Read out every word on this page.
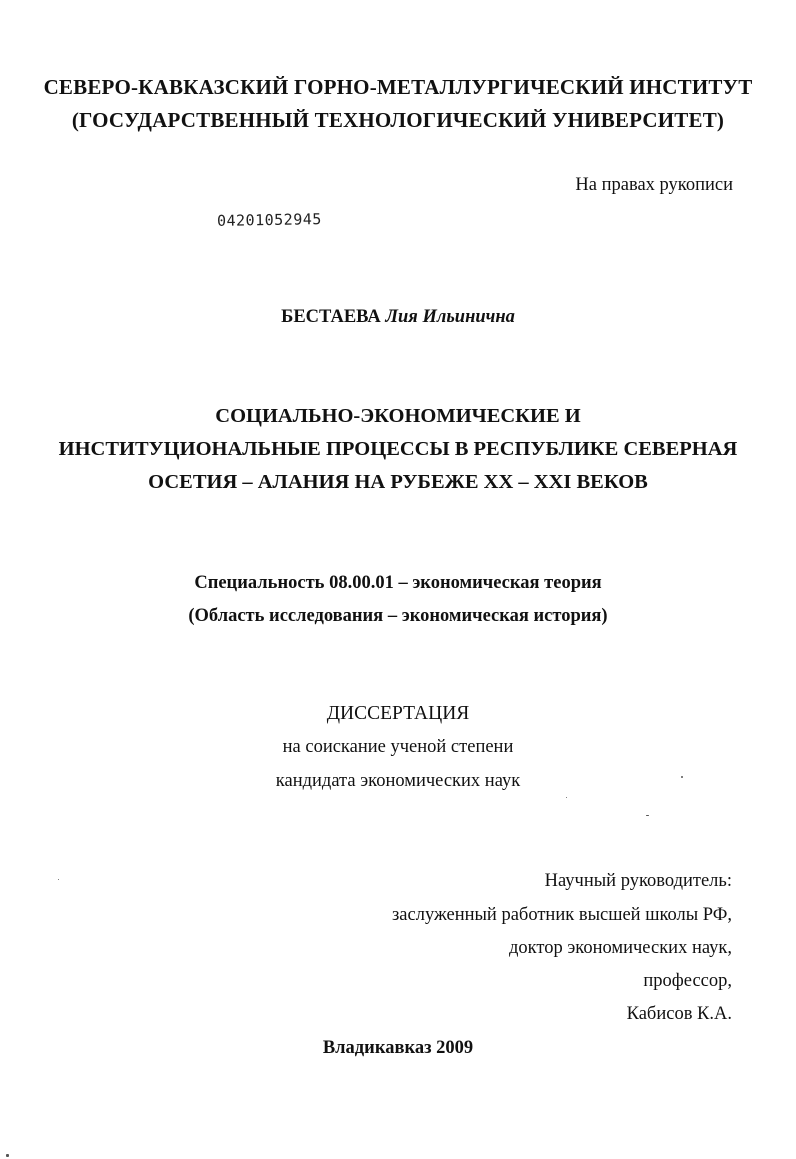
СЕВЕРО-КАВКАЗСКИЙ ГОРНО-МЕТАЛЛУРГИЧЕСКИЙ ИНСТИТУТ
(ГОСУДАРСТВЕННЫЙ ТЕХНОЛОГИЧЕСКИЙ УНИВЕРСИТЕТ)
На правах рукописи
04201052945
БЕСТАЕВА Лия Ильинична
СОЦИАЛЬНО-ЭКОНОМИЧЕСКИЕ И
ИНСТИТУЦИОНАЛЬНЫЕ ПРОЦЕССЫ В РЕСПУБЛИКЕ СЕВЕРНАЯ
ОСЕТИЯ – АЛАНИЯ НА РУБЕЖЕ XX – XXI ВЕКОВ
Специальность 08.00.01 – экономическая теория
(Область исследования – экономическая история)
ДИССЕРТАЦИЯ
на соискание ученой степени
кандидата экономических наук
Научный руководитель:
заслуженный работник высшей школы РФ,
доктор экономических наук,
профессор,
Кабисов К.А.
Владикавказ 2009
